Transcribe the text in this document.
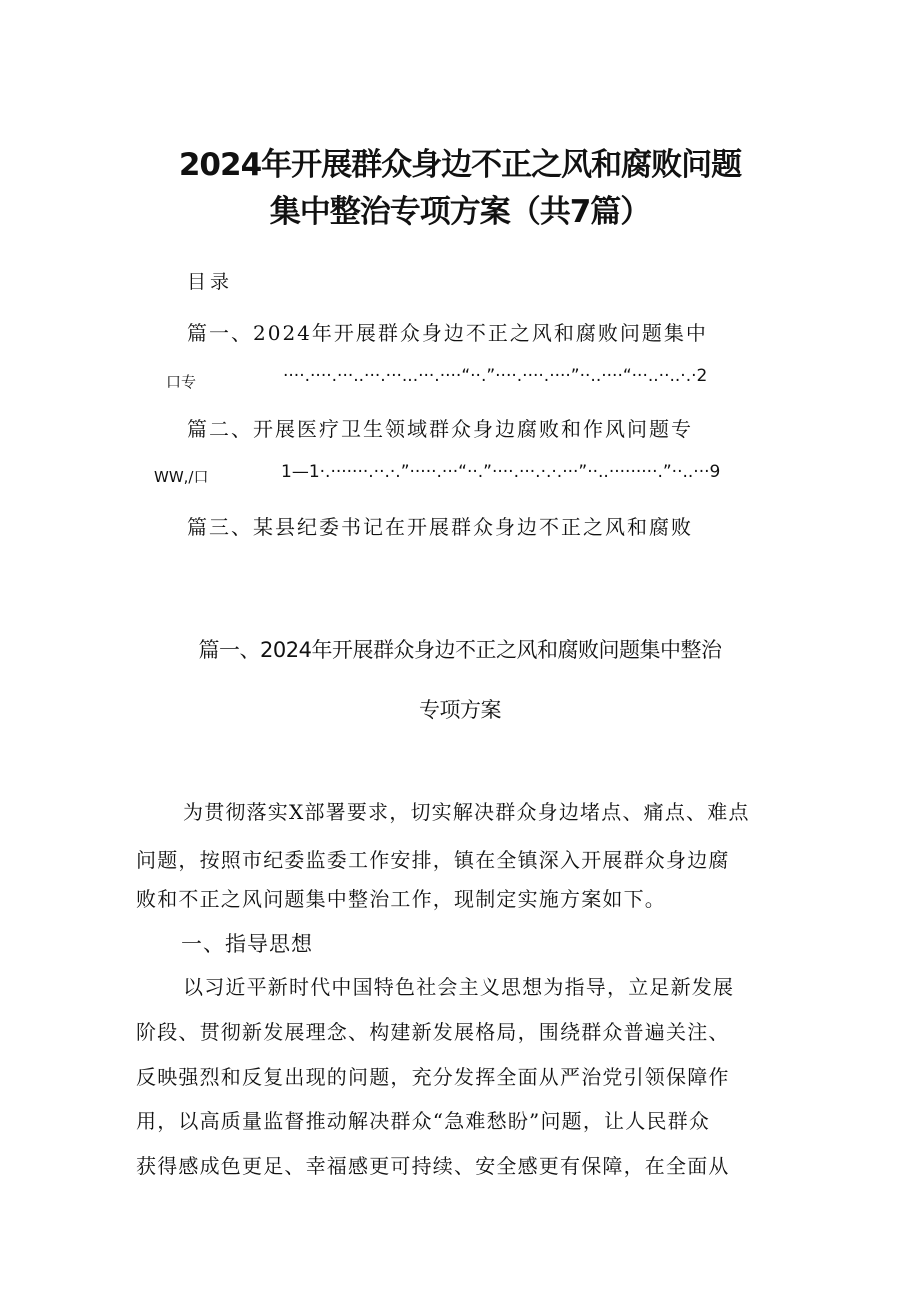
2024年开展群众身边不正之风和腐败问题
集中整治专项方案（共7篇）
目录
篇一、2024年开展群众身边不正之风和腐败问题集中
口专	····.····.···..···.···...···.····“··.”····.····.····”··..····“···..··..·.·2
篇二、开展医疗卫生领域群众身边腐败和作风问题专
WW,/口	1—1·.·······.··.·.”·····.···“··.”····.···.·.·.···”··..·········.”··..···9
篇三、某县纪委书记在开展群众身边不正之风和腐败
篇一、2024年开展群众身边不正之风和腐败问题集中整治
专项方案
为贯彻落实X部署要求，切实解决群众身边堵点、痛点、难点
问题，按照市纪委监委工作安排，镇在全镇深入开展群众身边腐
败和不正之风问题集中整治工作，现制定实施方案如下。
一、指导思想
以习近平新时代中国特色社会主义思想为指导，立足新发展
阶段、贯彻新发展理念、构建新发展格局，围绕群众普遍关注、
反映强烈和反复出现的问题，充分发挥全面从严治党引领保障作
用，以高质量监督推动解决群众“急难愁盼”问题，让人民群众
获得感成色更足、幸福感更可持续、安全感更有保障，在全面从
